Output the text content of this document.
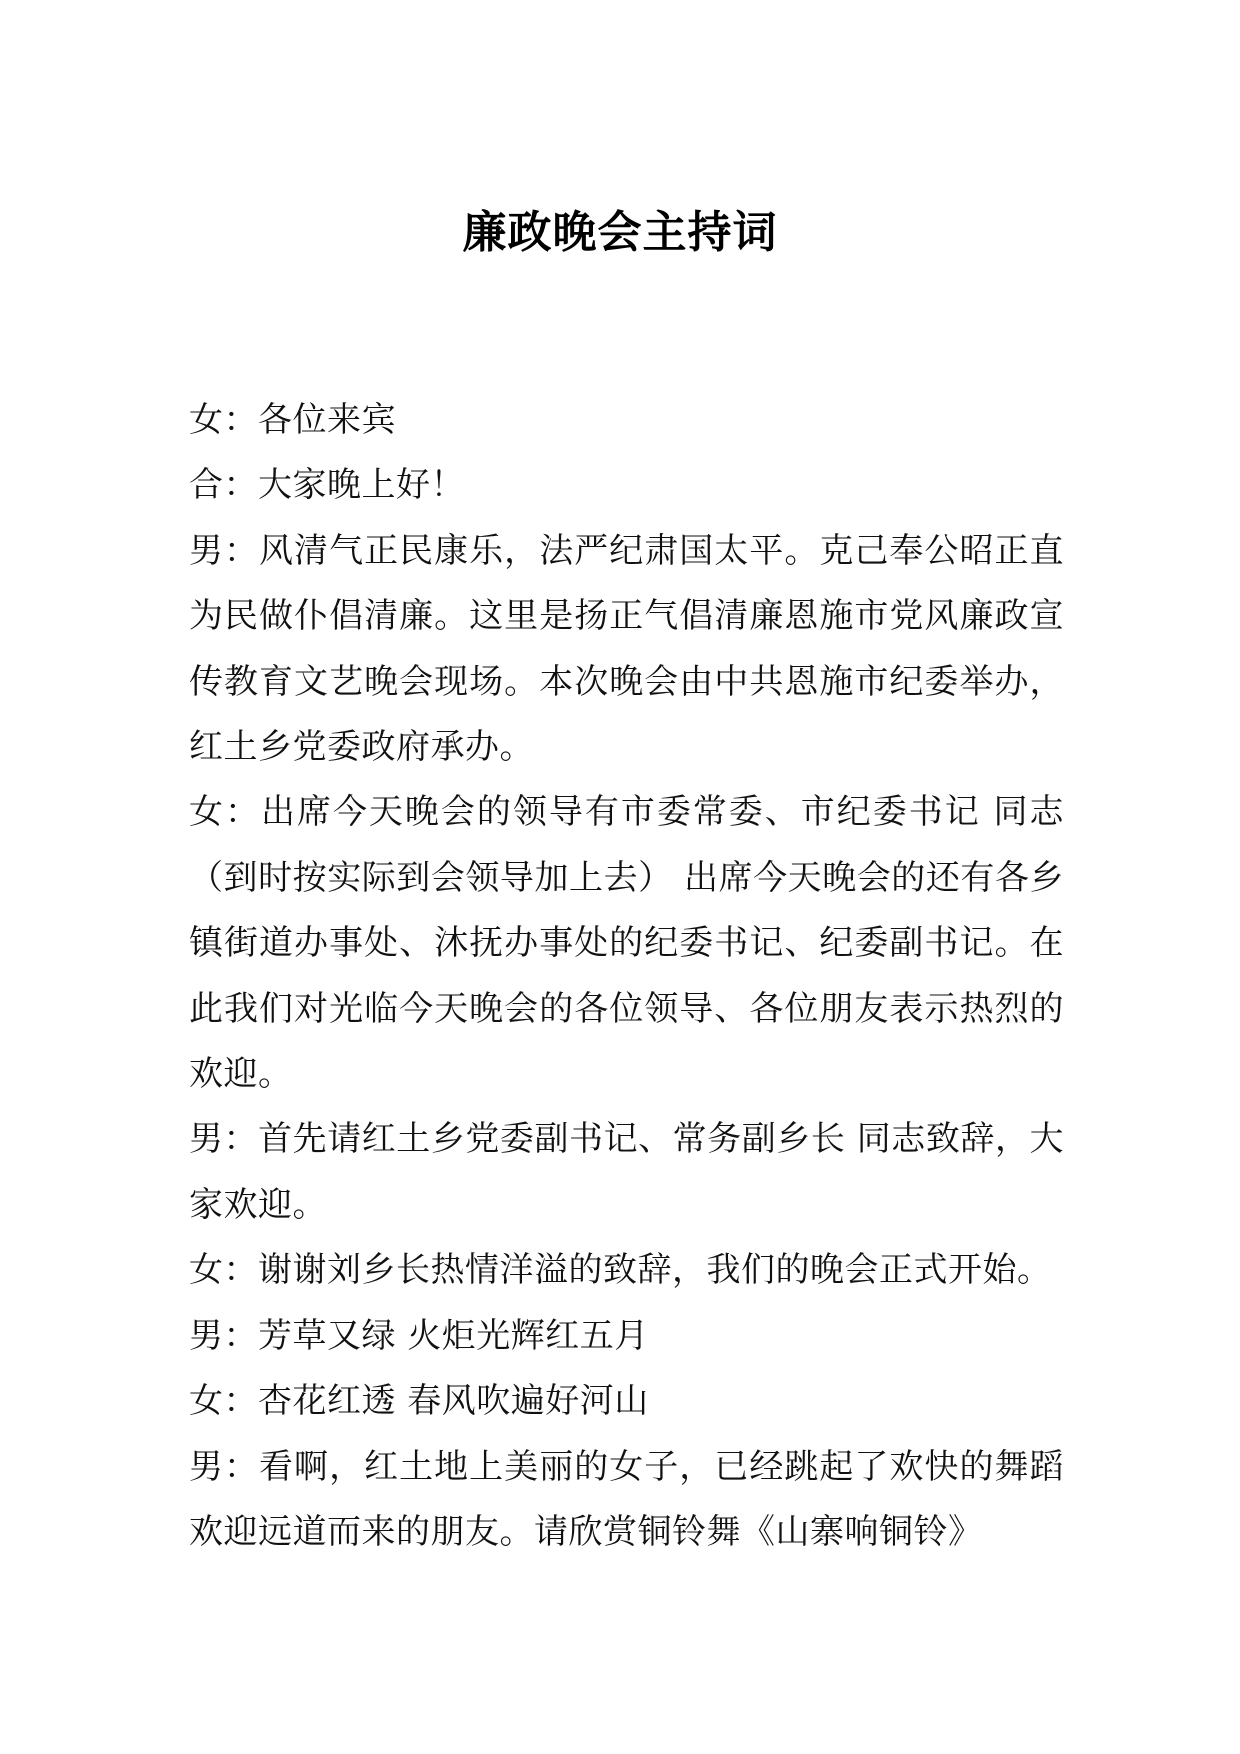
廉政晚会主持词

女：各位来宾

合：大家晚上好！

男：风清气正民康乐，法严纪肃国太平。克己奉公昭正直为民做仆倡清廉。这里是扬正气倡清廉恩施市党风廉政宣传教育文艺晚会现场。本次晚会由中共恩施市纪委举办，红土乡党委政府承办。

女：出席今天晚会的领导有市委常委、市纪委书记 同志（到时按实际到会领导加上去） 出席今天晚会的还有各乡镇街道办事处、沐抚办事处的纪委书记、纪委副书记。在此我们对光临今天晚会的各位领导、各位朋友表示热烈的欢迎。

男：首先请红土乡党委副书记、常务副乡长 同志致辞，大家欢迎。

女：谢谢刘乡长热情洋溢的致辞，我们的晚会正式开始。

男：芳草又绿 火炬光辉红五月

女：杏花红透 春风吹遍好河山

男：看啊，红土地上美丽的女子，已经跳起了欢快的舞蹈欢迎远道而来的朋友。请欣赏铜铃舞《山寨响铜铃》
